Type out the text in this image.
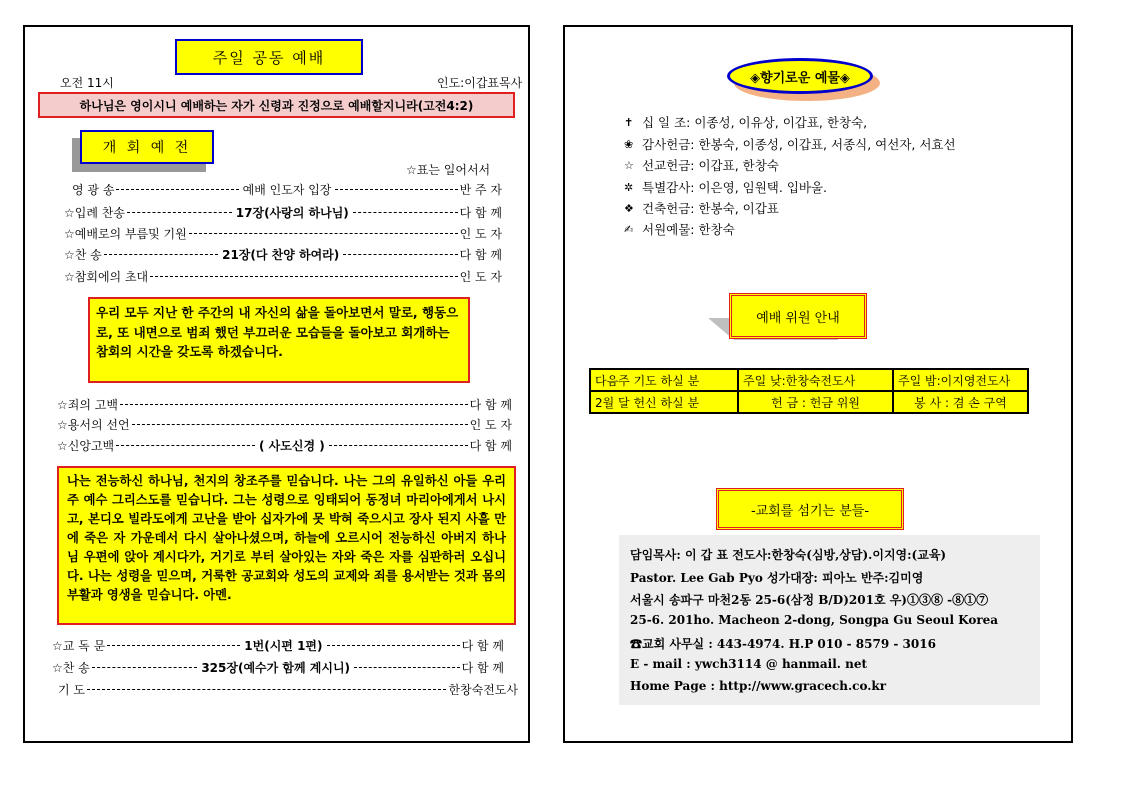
주일 공동 예배
오전 11시	인도:이갑표목사
하나님은 영이시니 예배하는 자가 신령과 진정으로 예배할지니라(고전4:2)
개 회 예 전
☆표는 일어서서
영 광 송	예배 인도자 입장	반 주 자
☆입례 찬송	17장(사랑의 하나님)	다 함 께
☆예배로의 부름및 기원	인 도 자
☆찬 송	21장(다 찬양 하여라)	다 함 께
☆참회에의 초대	인 도 자
우리 모두 지난 한 주간의 내 자신의 삶을 돌아보면서 말로, 행동으로, 또 내면으로 범죄 했던 부끄러운 모습들을 돌아보고 회개하는 참회의 시간을 갖도록 하겠습니다.
☆죄의 고백	다 함 께
☆용서의 선언	인 도 자
☆신앙고백	( 사도신경 )	다 함 께
나는 전능하신 하나님, 천지의 창조주를 믿습니다. 나는 그의 유일하신 아들 우리 주 예수 그리스도를 믿습니다. 그는 성령으로 잉태되어 동정녀 마리아에게서 나시고, 본디오 빌라도에게 고난을 받아 십자가에 못 박혀 죽으시고 장사 된지 사흘 만에 죽은 자 가운데서 다시 살아나셨으며, 하늘에 오르시어 전능하신 아버지 하나님 우편에 앉아 계시다가, 거기로 부터 살아있는 자와 죽은 자를 심판하러 오십니다. 나는 성령을 믿으며, 거룩한 공교회와 성도의 교제와 죄를 용서받는 것과 몸의 부활과 영생을 믿습니다. 아멘.
☆교 독 문	1번(시편 1편)	다 함 께
☆찬 송	325장(예수가 함께 계시니)	다 함 께
기 도	한창숙전도사
◈향기로운 예물◈
✝ 십 일 조: 이종성, 이유상, 이갑표, 한창숙,
❀ 감사헌금: 한봉숙, 이종성, 이갑표, 서종식, 여선자, 서효선
☆ 선교헌금: 이갑표, 한창숙
✲ 특별감사: 이은영, 임원택. 입바울.
❖ 건축헌금: 한봉숙, 이갑표
✍ 서원예물: 한창숙
예배 위원 안내
다음주 기도 하실 분	주일 낮:한창숙전도사	주일 밤:이지영전도사
2월 달 헌신 하실 분	헌 금 : 헌금 위원	봉 사 : 겸 손 구역
-교회를 섬기는 분들-
담임목사: 이 갑 표 전도사:한창숙(심방,상담).이지영:(교육)
Pastor. Lee Gab Pyo 성가대장: 피아노 반주:김미영
서울시 송파구 마천2동 25-6(삼정 B/D)201호 우)①③⑧ -⑧①⑦
25-6. 201ho. Macheon 2-dong, Songpa Gu Seoul Korea
☎교회 사무실 : 443-4974. H.P 010 - 8579 - 3016
E - mail : ywch3114 @ hanmail. net
Home Page : http://www.gracech.co.kr
